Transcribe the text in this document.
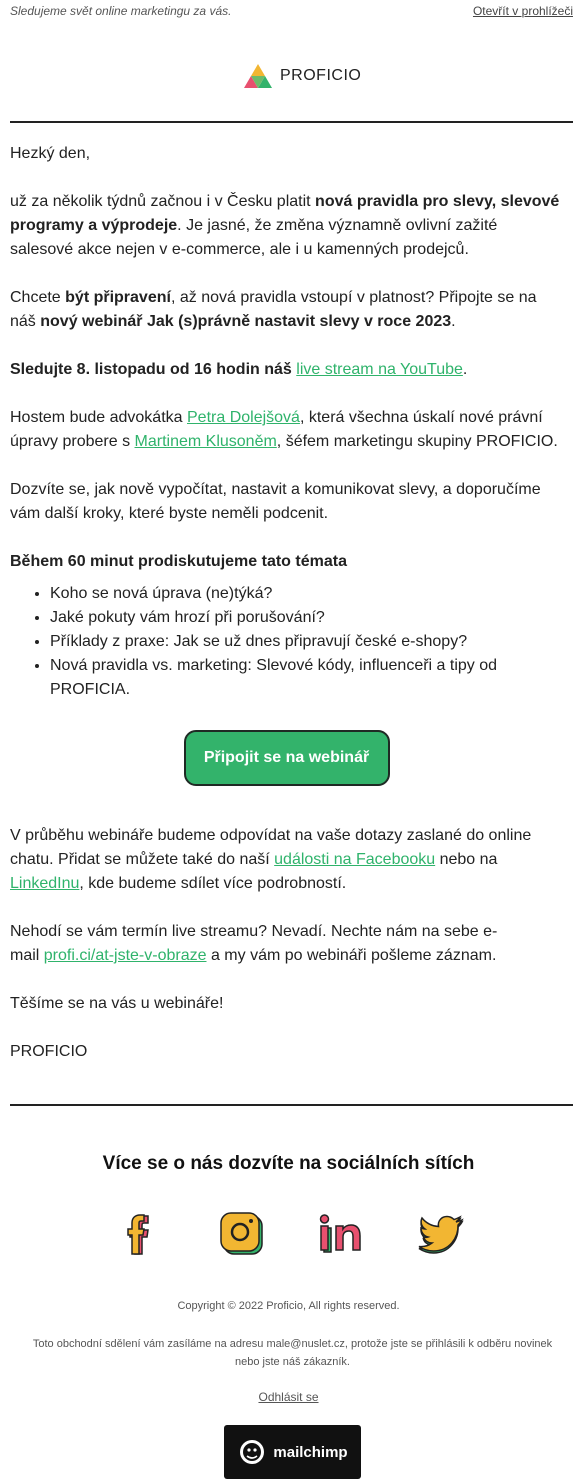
Sledujeme svět online marketingu za vás.	Otevřít v prohlížeči
PROFICIO

Hezký den,

už za několik týdnů začnou i v Česku platit nová pravidla pro slevy, slevové programy a výprodeje. Je jasné, že změna významně ovlivní zažité salesové akce nejen v e-commerce, ale i u kamenných prodejců.

Chcete být připravení, až nová pravidla vstoupí v platnost? Připojte se na náš nový webinář Jak (s)právně nastavit slevy v roce 2023.

Sledujte 8. listopadu od 16 hodin náš live stream na YouTube.

Hostem bude advokátka Petra Dolejšová, která všechna úskalí nové právní úpravy probere s Martinem Klusoněm, šéfem marketingu skupiny PROFICIO.

Dozvíte se, jak nově vypočítat, nastavit a komunikovat slevy, a doporučíme vám další kroky, které byste neměli podcenit.

Během 60 minut prodiskutujeme tato témata

• Koho se nová úprava (ne)týká?
• Jaké pokuty vám hrozí při porušování?
• Příklady z praxe: Jak se už dnes připravují české e-shopy?
• Nová pravidla vs. marketing: Slevové kódy, influenceři a tipy od PROFICIA.
Připojit se na webinář

V průběhu webináře budeme odpovídat na vaše dotazy zaslané do online chatu. Přidat se můžete také do naší události na Facebooku nebo na LinkedInu, kde budeme sdílet více podrobností.

Nehodí se vám termín live streamu? Nevadí. Nechte nám na sebe e-mail profi.ci/at-jste-v-obraze a my vám po webináři pošleme záznam.

Těšíme se na vás u webináře!

PROFICIO

Více se o nás dozvíte na sociálních sítích
Copyright © 2022 Proficio, All rights reserved.
Toto obchodní sdělení vám zasíláme na adresu male@nuslet.cz, protože jste se přihlásili k odběru novinek nebo jste náš zákazník.
Odhlásit se
mailchimp
